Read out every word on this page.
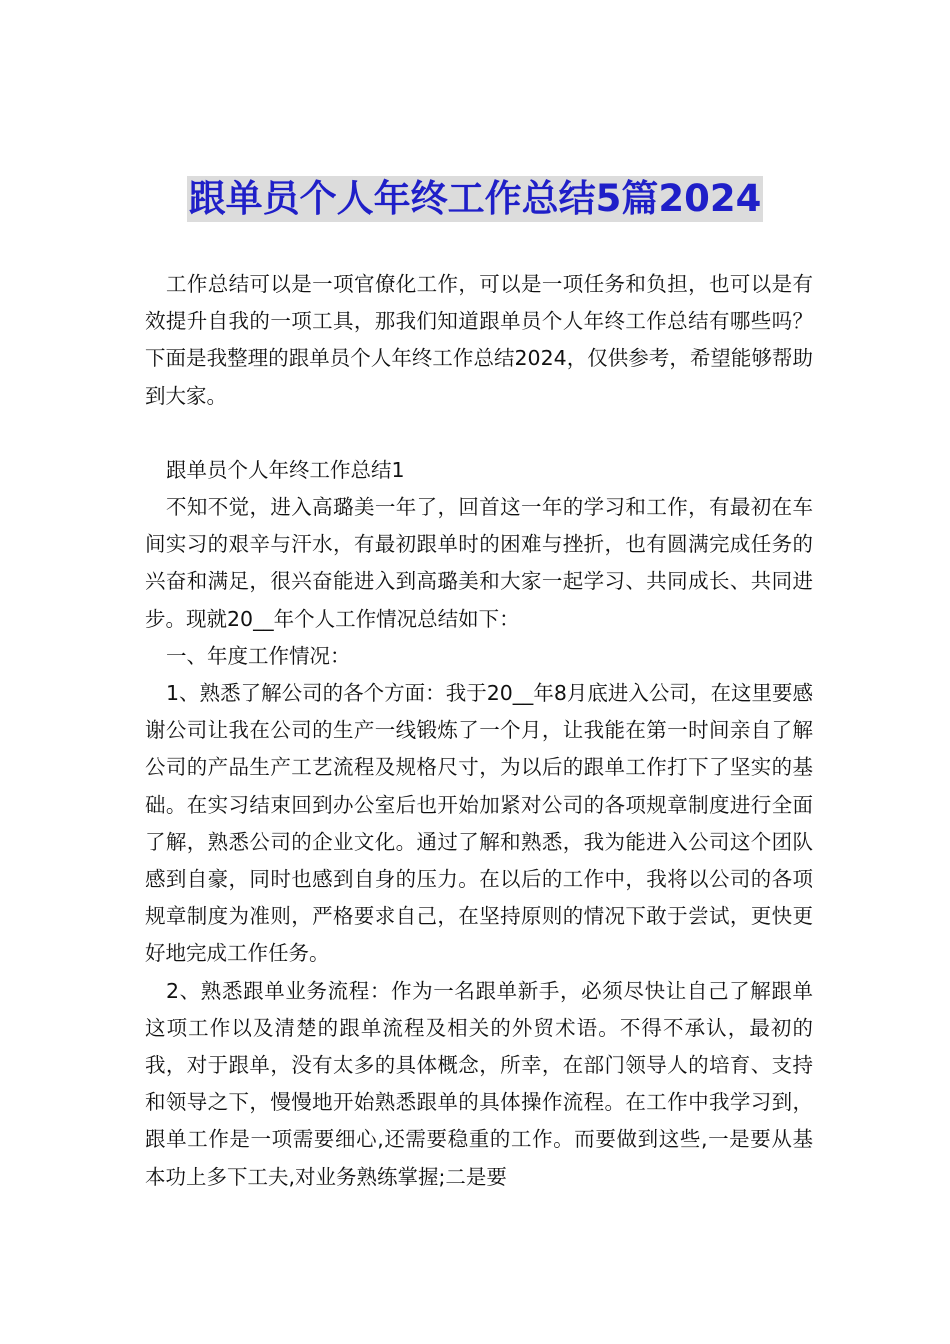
跟单员个人年终工作总结5篇2024

工作总结可以是一项官僚化工作，可以是一项任务和负担，也可以是有效提升自我的一项工具，那我们知道跟单员个人年终工作总结有哪些吗？下面是我整理的跟单员个人年终工作总结2024，仅供参考，希望能够帮助到大家。

跟单员个人年终工作总结1

不知不觉，进入高璐美一年了，回首这一年的学习和工作，有最初在车间实习的艰辛与汗水，有最初跟单时的困难与挫折，也有圆满完成任务的兴奋和满足，很兴奋能进入到高璐美和大家一起学习、共同成长、共同进步。现就20__年个人工作情况总结如下：

一、年度工作情况：

1、熟悉了解公司的各个方面：我于20__年8月底进入公司，在这里要感谢公司让我在公司的生产一线锻炼了一个月，让我能在第一时间亲自了解公司的产品生产工艺流程及规格尺寸，为以后的跟单工作打下了坚实的基础。在实习结束回到办公室后也开始加紧对公司的各项规章制度进行全面了解，熟悉公司的企业文化。通过了解和熟悉，我为能进入公司这个团队感到自豪，同时也感到自身的压力。在以后的工作中，我将以公司的各项规章制度为准则，严格要求自己，在坚持原则的情况下敢于尝试，更快更好地完成工作任务。

2、熟悉跟单业务流程：作为一名跟单新手，必须尽快让自己了解跟单这项工作以及清楚的跟单流程及相关的外贸术语。不得不承认，最初的我，对于跟单，没有太多的具体概念，所幸，在部门领导人的培育、支持和领导之下，慢慢地开始熟悉跟单的具体操作流程。在工作中我学习到，跟单工作是一项需要细心,还需要稳重的工作。而要做到这些,一是要从基本功上多下工夫,对业务熟练掌握;二是要
